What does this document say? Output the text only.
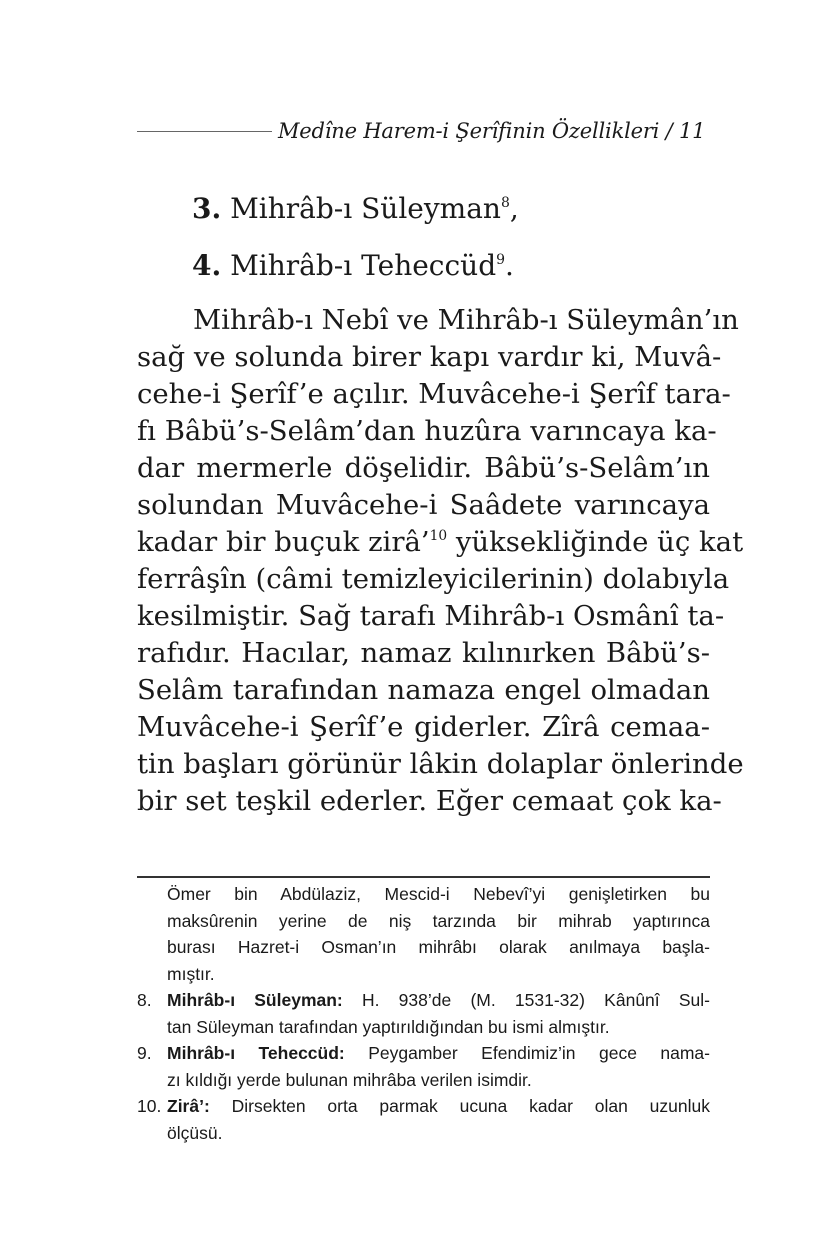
Medîne Harem-i Şerîfinin Özellikleri / 11
3. Mihrâb-ı Süleyman$^8$,
4. Mihrâb-ı Teheccüd$^9$.
Mihrâb-ı Nebî ve Mihrâb-ı Süleymân’ın
sağ ve solunda birer kapı vardır ki, Muvâ-
cehe-i Şerîf’e açılır. Muvâcehe-i Şerîf tara-
fı Bâbü’s-Selâm’dan huzûra varıncaya ka-
dar mermerle döşelidir. Bâbü’s-Selâm’ın
solundan Muvâcehe-i Saâdete varıncaya
kadar bir buçuk zirâ’$^{10}$ yüksekliğinde üç kat
ferrâşîn (câmi temizleyicilerinin) dolabıyla
kesilmiştir. Sağ tarafı Mihrâb-ı Osmânî ta-
rafıdır. Hacılar, namaz kılınırken Bâbü’s-
Selâm tarafından namaza engel olmadan
Muvâcehe-i Şerîf’e giderler. Zîrâ cemaa-
tin başları görünür lâkin dolaplar önlerinde
bir set teşkil ederler. Eğer cemaat çok ka-
Ömer bin Abdülaziz, Mescid-i Nebevî’yi genişletirken bu
maksûrenin yerine de niş tarzında bir mihrab yaptırınca
burası Hazret-i Osman’ın mihrâbı olarak anılmaya başla-
mıştır.
8. Mihrâb-ı Süleyman: H. 938’de (M. 1531-32) Kânûnî Sul-
tan Süleyman tarafından yaptırıldığından bu ismi almıştır.
9. Mihrâb-ı Teheccüd: Peygamber Efendimiz’in gece nama-
zı kıldığı yerde bulunan mihrâba verilen isimdir.
10. Zirâ’: Dirsekten orta parmak ucuna kadar olan uzunluk
ölçüsü.
